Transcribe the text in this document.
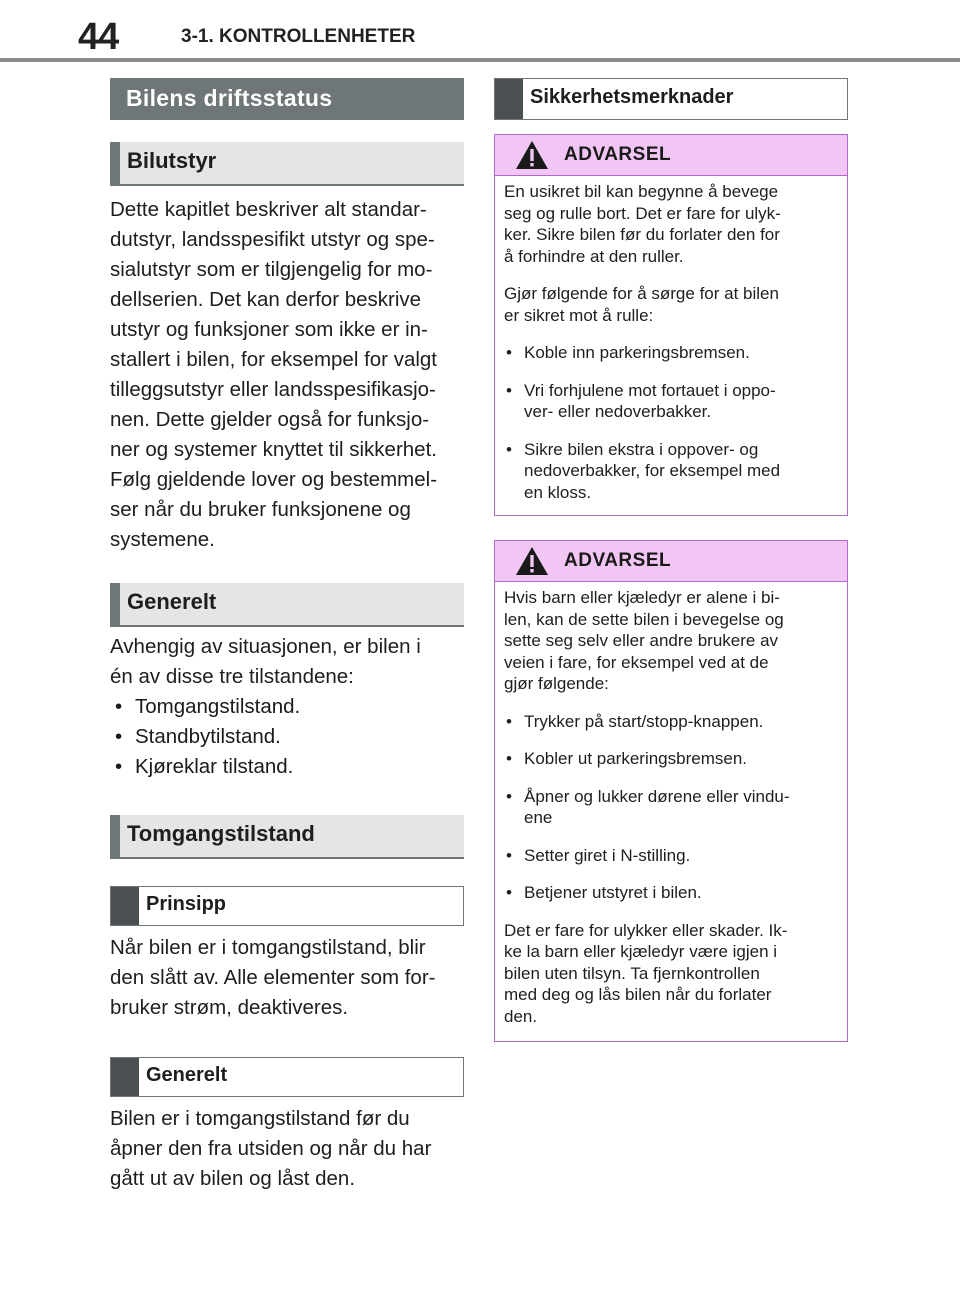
44	3-1. KONTROLLENHETER
Bilens driftsstatus
Bilutstyr
Dette kapitlet beskriver alt standar-
dutstyr, landsspesifikt utstyr og spe-
sialutstyr som er tilgjengelig for mo-
dellserien. Det kan derfor beskrive
utstyr og funksjoner som ikke er in-
stallert i bilen, for eksempel for valgt
tilleggsutstyr eller landsspesifikasjo-
nen. Dette gjelder også for funksjo-
ner og systemer knyttet til sikkerhet.
Følg gjeldende lover og bestemmel-
ser når du bruker funksjonene og
systemene.
Generelt
Avhengig av situasjonen, er bilen i
én av disse tre tilstandene:
• Tomgangstilstand.
• Standbytilstand.
• Kjøreklar tilstand.
Tomgangstilstand
Prinsipp
Når bilen er i tomgangstilstand, blir
den slått av. Alle elementer som for-
bruker strøm, deaktiveres.
Generelt
Bilen er i tomgangstilstand før du
åpner den fra utsiden og når du har
gått ut av bilen og låst den.
Sikkerhetsmerknader
ADVARSEL
En usikret bil kan begynne å bevege
seg og rulle bort. Det er fare for ulyk-
ker. Sikre bilen før du forlater den for
å forhindre at den ruller.
Gjør følgende for å sørge for at bilen
er sikret mot å rulle:
• Koble inn parkeringsbremsen.
• Vri forhjulene mot fortauet i oppo-
ver- eller nedoverbakker.
• Sikre bilen ekstra i oppover- og
nedoverbakker, for eksempel med
en kloss.
ADVARSEL
Hvis barn eller kjæledyr er alene i bi-
len, kan de sette bilen i bevegelse og
sette seg selv eller andre brukere av
veien i fare, for eksempel ved at de
gjør følgende:
• Trykker på start/stopp-knappen.
• Kobler ut parkeringsbremsen.
• Åpner og lukker dørene eller vindu-
ene
• Setter giret i N-stilling.
• Betjener utstyret i bilen.
Det er fare for ulykker eller skader. Ik-
ke la barn eller kjæledyr være igjen i
bilen uten tilsyn. Ta fjernkontrollen
med deg og lås bilen når du forlater
den.
